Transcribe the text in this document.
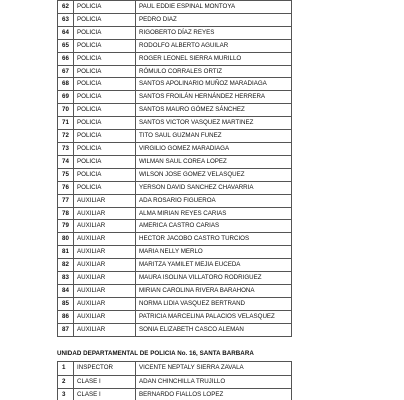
62	POLICIA	PAUL EDDIE ESPINAL MONTOYA
63	POLICIA	PEDRO DIAZ
64	POLICIA	RIGOBERTO DÍAZ REYES
65	POLICIA	RODOLFO ALBERTO AGUILAR
66	POLICIA	ROGER LEONEL SIERRA MURILLO
67	POLICIA	RÓMULO CORRALES ORTIZ
68	POLICIA	SANTOS APOLINARIO MUÑOZ MARADIAGA
69	POLICIA	SANTOS FROILÁN HERNÁNDEZ HERRERA
70	POLICIA	SANTOS MAURO GÓMEZ SÁNCHEZ
71	POLICIA	SANTOS VICTOR VASQUEZ MARTINEZ
72	POLICIA	TITO SAUL GUZMAN FUNEZ
73	POLICIA	VIRGILIO GOMEZ MARADIAGA
74	POLICIA	WILMAN SAUL COREA LOPEZ
75	POLICIA	WILSON JOSE GOMEZ VELASQUEZ
76	POLICIA	YERSON DAVID SANCHEZ CHAVARRIA
77	AUXILIAR	ADA ROSARIO FIGUEROA
78	AUXILIAR	ALMA MIRIAN REYES CARIAS
79	AUXILIAR	AMERICA CASTRO CARIAS
80	AUXILIAR	HECTOR JACOBO CASTRO TURCIOS
81	AUXILIAR	MARIA NELLY MERLO
82	AUXILIAR	MARITZA YAMILET MEJIA EUCEDA
83	AUXILIAR	MAURA ISOLINA VILLATORO RODRIGUEZ
84	AUXILIAR	MIRIAN CAROLINA RIVERA BARAHONA
85	AUXILIAR	NORMA LIDIA VASQUEZ BERTRAND
86	AUXILIAR	PATRICIA MARCELINA PALACIOS VELASQUEZ
87	AUXILIAR	SONIA ELIZABETH CASCO ALEMAN
UNIDAD DEPARTAMENTAL DE POLICIA No. 16, SANTA BARBARA
1	INSPECTOR	VICENTE NEPTALY SIERRA ZAVALA
2	CLASE I	ADAN CHINCHILLA TRUJILLO
3	CLASE I	BERNARDO FIALLOS LOPEZ
